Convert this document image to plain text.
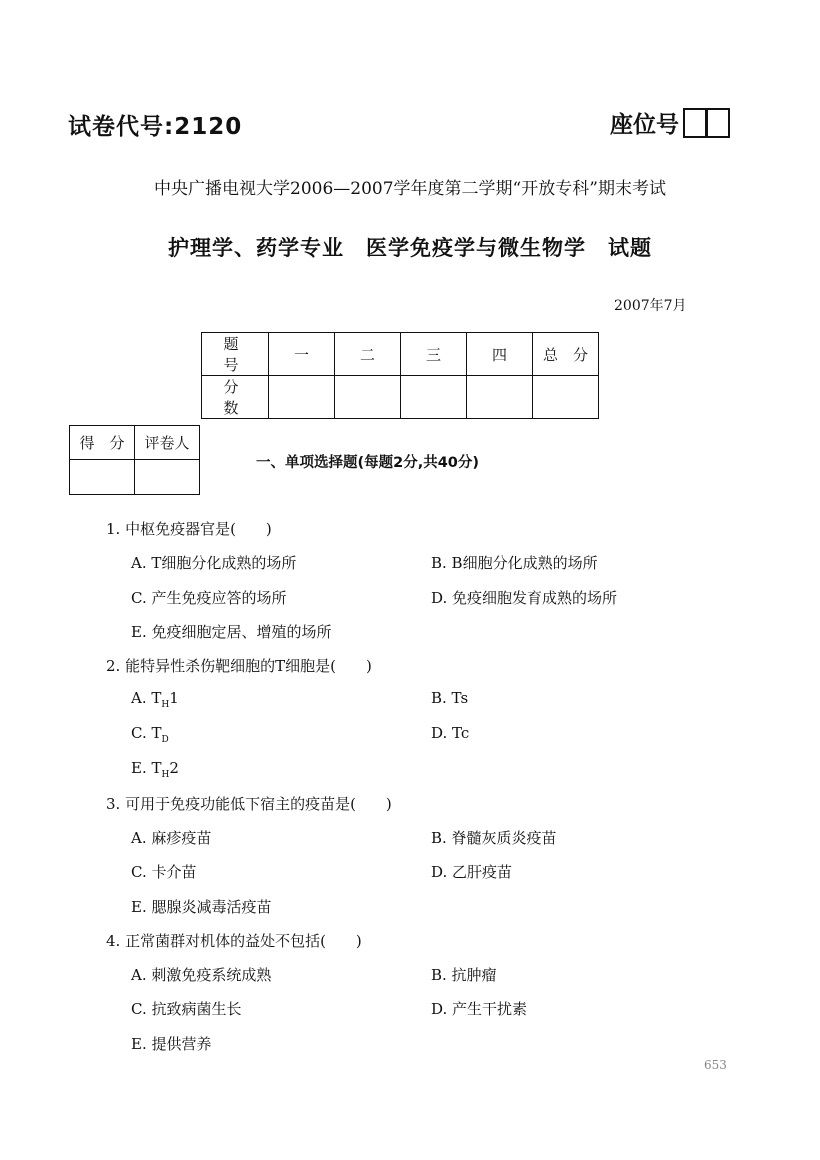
试卷代号:2120	座位号
中央广播电视大学2006—2007学年度第二学期“开放专科”期末考试
护理学、药学专业　医学免疫学与微生物学　试题
2007年7月
题　号	一	二	三	四	总　分
分　数					
得　分	评卷人

一、单项选择题(每题2分,共40分)
1. 中枢免疫器官是(　　)
A. T细胞分化成熟的场所	B. B细胞分化成熟的场所
C. 产生免疫应答的场所	D. 免疫细胞发育成熟的场所
E. 免疫细胞定居、增殖的场所
2. 能特异性杀伤靶细胞的T细胞是(　　)
A. $T_H1$	B. Ts
C. $T_D$	D. Tc
E. $T_H2$
3. 可用于免疫功能低下宿主的疫苗是(　　)
A. 麻疹疫苗	B. 脊髓灰质炎疫苗
C. 卡介苗	D. 乙肝疫苗
E. 腮腺炎减毒活疫苗
4. 正常菌群对机体的益处不包括(　　)
A. 刺激免疫系统成熟	B. 抗肿瘤
C. 抗致病菌生长	D. 产生干扰素
E. 提供营养
653
